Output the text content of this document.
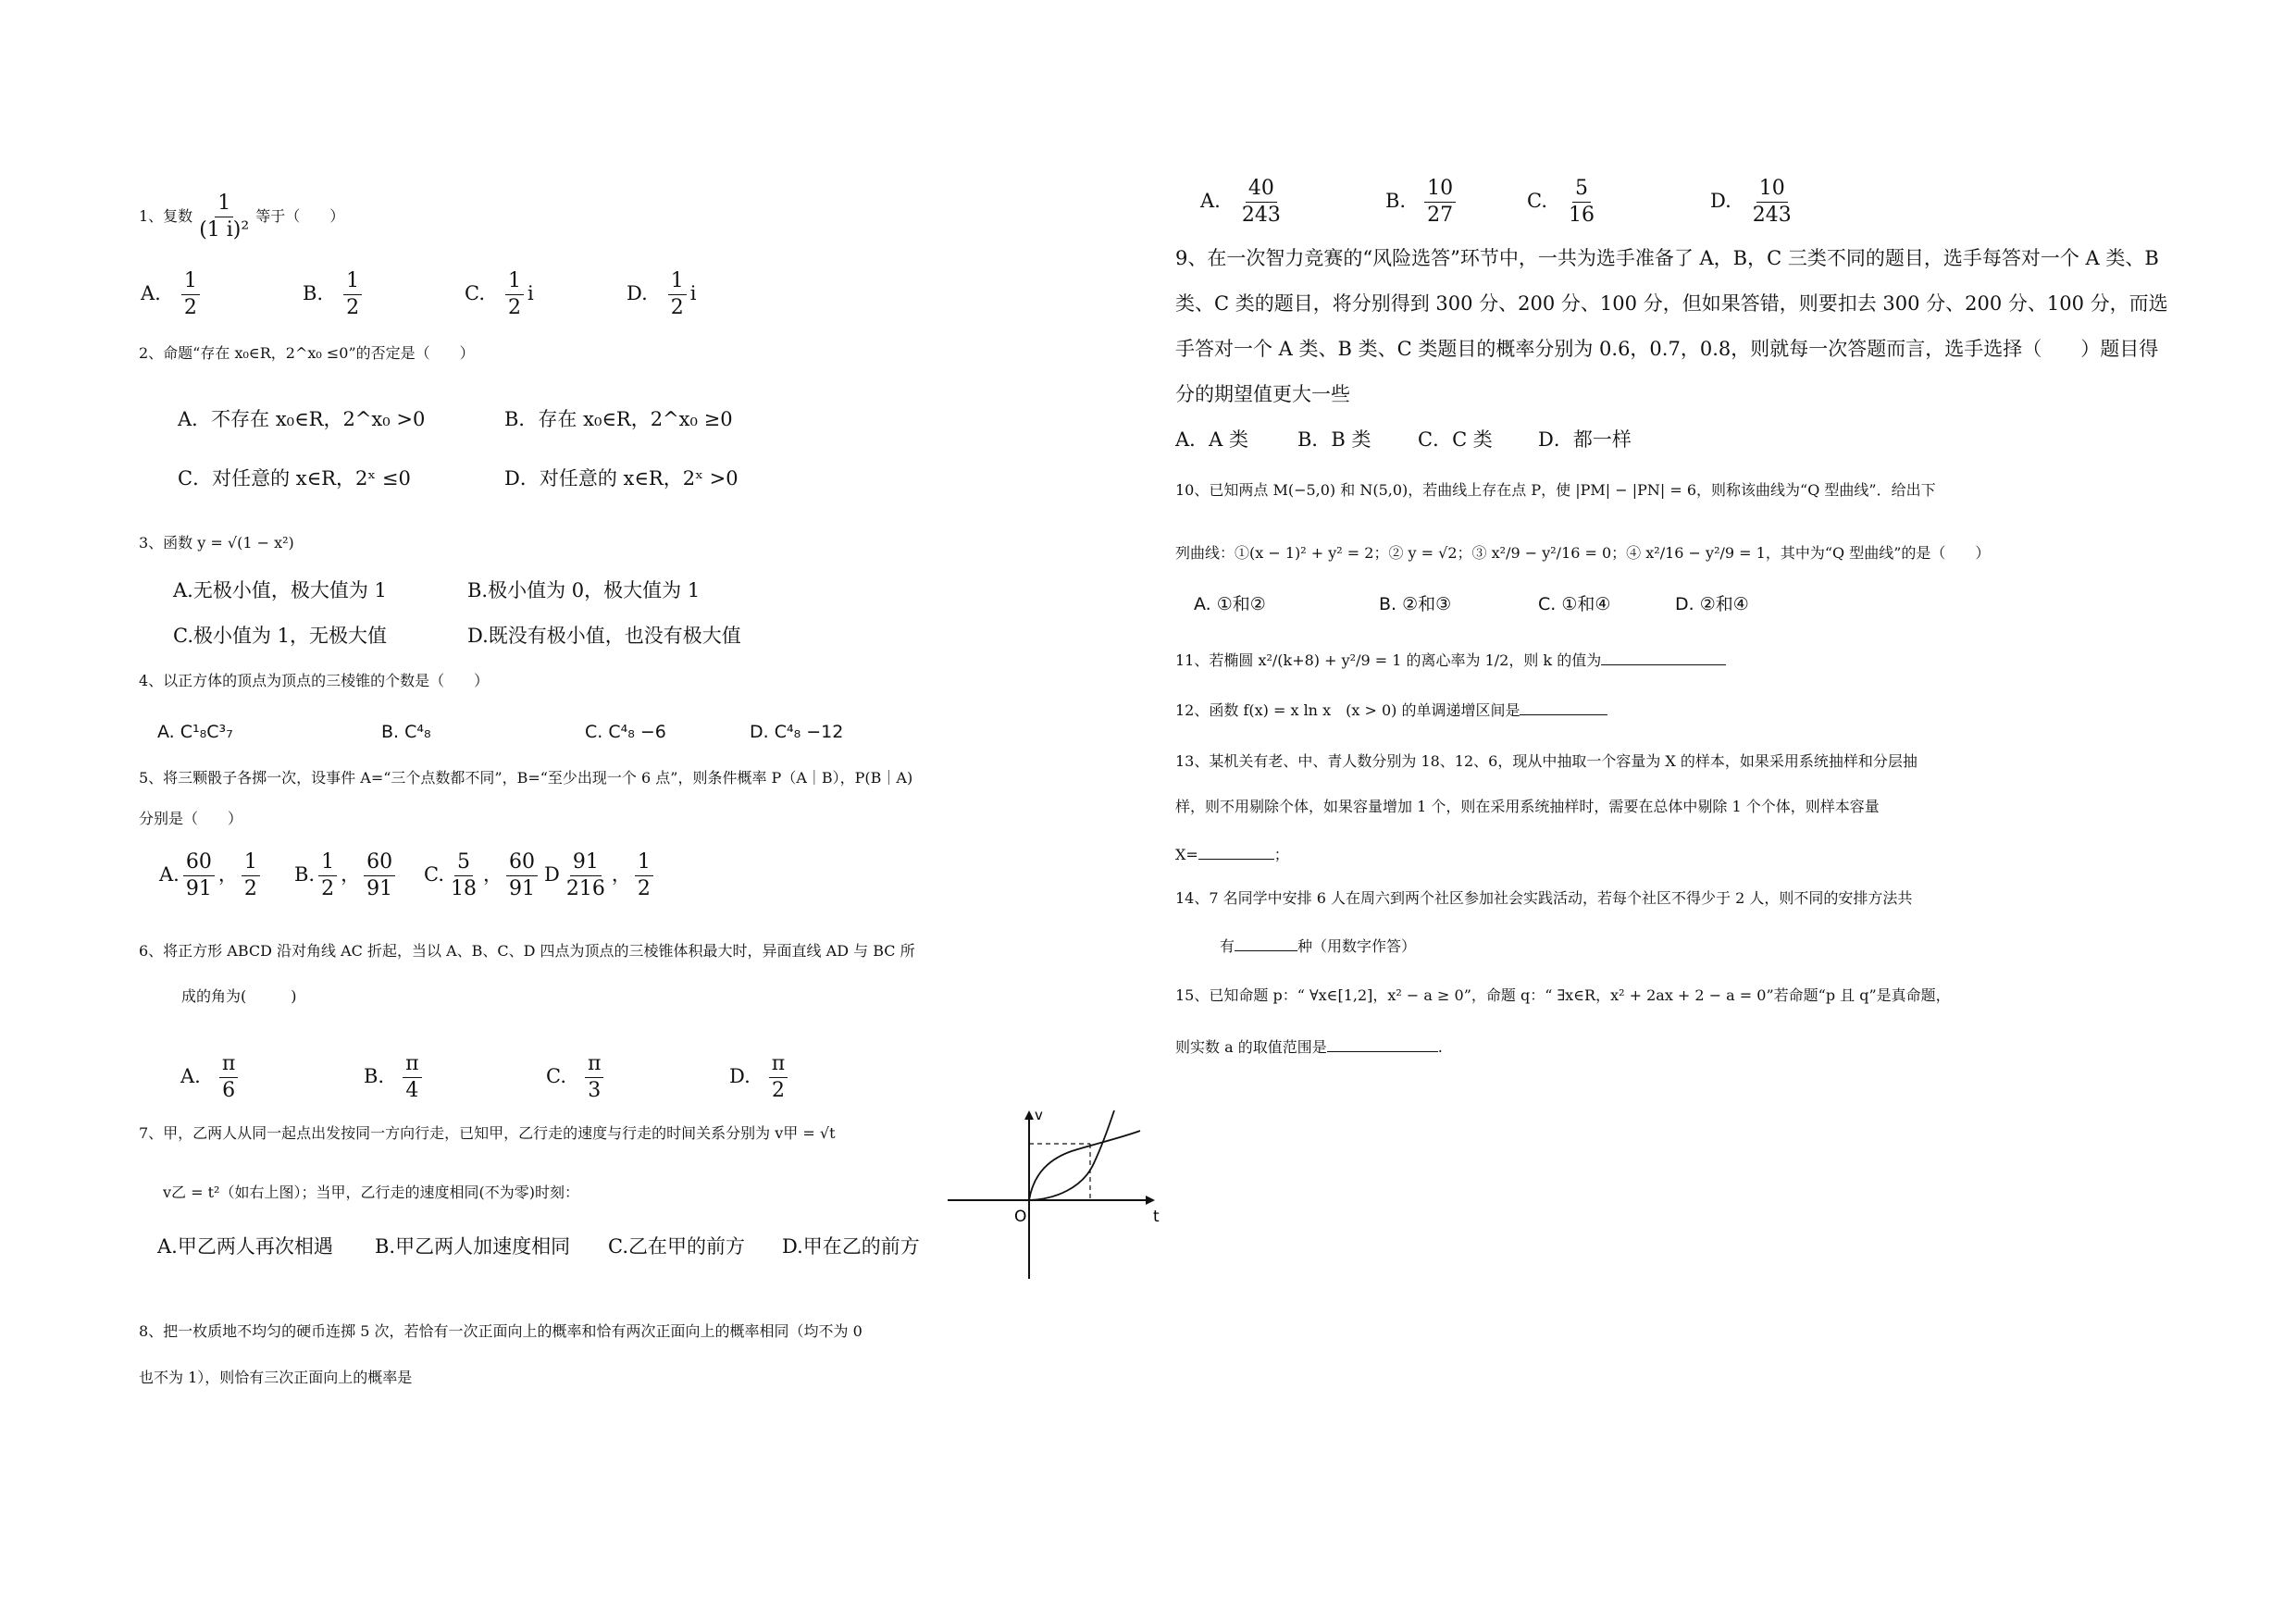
1、复数 $\frac{1}{\text{(1 i)²}}$ 等于（　　）
A. $\frac{1}{2}$	B. $\frac{1}{2}$	C. $\frac{1}{2}$ i	D. $\frac{1}{2}$ i
2、命题“存在 x₀∈R，2^x₀ ≤0”的否定是（　　）
A．不存在 x₀∈R，2^x₀ >0	B．存在 x₀∈R，2^x₀ ≥0
C．对任意的 x∈R，2ˣ ≤0	D．对任意的 x∈R，2ˣ >0
3、函数 y = √(1 − x²)
A.无极小值，极大值为 1	B.极小值为 0，极大值为 1
C.极小值为 1，无极大值	D.既没有极小值，也没有极大值
4、以正方体的顶点为顶点的三棱锥的个数是（　　）
A. C¹₈C³₇	B. C⁴₈	C. C⁴₈ −6	D. C⁴₈ −12
5、将三颗骰子各掷一次，设事件 A=“三个点数都不同”，B=“至少出现一个 6 点”，则条件概率 P（A｜B），P(B｜A)
分别是（　　）
A. $\frac{60}{91}$ ， $\frac{1}{2} B$. $\frac{1}{2}$ ， $\frac{60}{91} C$. $\frac{5}{18}$ ， $\frac{60}{91}$ D $\frac{91}{216}$ ， $\frac{1}{2}$
6、将正方形 ABCD 沿对角线 AC 折起，当以 A、B、C、D 四点为顶点的三棱锥体积最大时，异面直线 AD 与 BC 所
成的角为(　　　)
A. $\frac{\pi}{6}$	B. $\frac{\pi}{4}$	C. $\frac{\pi}{3}$	D. $\frac{\pi}{2}$
7、甲，乙两人从同一起点出发按同一方向行走，已知甲，乙行走的速度与行走的时间关系分别为 v甲 = √t
v乙 = t²（如右上图）；当甲，乙行走的速度相同(不为零)时刻：
A.甲乙两人再次相遇 B.甲乙两人加速度相同 C.乙在甲的前方 D.甲在乙的前方
O	t
v
8、把一枚质地不均匀的硬币连掷 5 次，若恰有一次正面向上的概率和恰有两次正面向上的概率相同（均不为 0
也不为 1），则恰有三次正面向上的概率是
A. $\frac{40}{243}$	B. $\frac{10}{27}$	C. $\frac{5}{16}$	D. $\frac{10}{243}$
9、在一次智力竞赛的“风险选答”环节中，一共为选手准备了 A，B，C 三类不同的题目，选手每答对一个 A 类、B
类、C 类的题目，将分别得到 300 分、200 分、100 分，但如果答错，则要扣去 300 分、200 分、100 分，而选
手答对一个 A 类、B 类、C 类题目的概率分别为 0.6，0.7，0.8，则就每一次答题而言，选手选择（　　）题目得
分的期望值更大一些
A．A 类	B．B 类 C．C 类 D．都一样
10、已知两点 M(−5,0) 和 N(5,0)，若曲线上存在点 P，使 |PM| − |PN| = 6，则称该曲线为“Q 型曲线”．给出下
列曲线：①(x − 1)² + y² = 2；② y = √2；③ x²/9 − y²/16 = 0；④ x²/16 − y²/9 = 1，其中为“Q 型曲线”的是（　　）
A. ①和②	B. ②和③	C. ①和④	D. ②和④
11、若椭圆 x²/(k+8) + y²/9 = 1 的离心率为 1/2，则 k 的值为
12、函数 f(x) = x ln x　(x > 0) 的单调递增区间是
13、某机关有老、中、青人数分别为 18、12、6，现从中抽取一个容量为 X 的样本，如果采用系统抽样和分层抽
样，则不用剔除个体，如果容量增加 1 个，则在采用系统抽样时，需要在总体中剔除 1 个个体，则样本容量
X=	；
14、7 名同学中安排 6 人在周六到两个社区参加社会实践活动，若每个社区不得少于 2 人，则不同的安排方法共
有	种（用数字作答）
15、已知命题 p：“ ∀x∈[1,2]，x² − a ≥ 0”，命题 q：“ ∃x∈R，x² + 2ax + 2 − a = 0”若命题“p 且 q”是真命题，
则实数 a 的取值范围是	.
